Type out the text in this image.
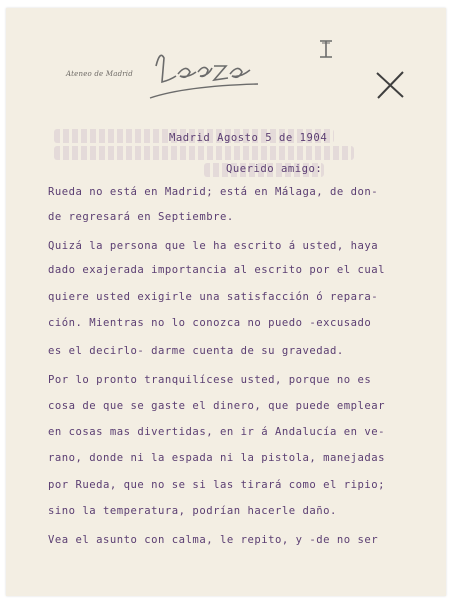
Ateneo de Madrid
Madrid Agosto 5 de 1904
Querido amigo:
Rueda no está en Madrid; está en Málaga, de don-
de regresará en Septiembre.
Quizá la persona que le ha escrito á usted, haya
dado exajerada importancia al escrito por el cual
quiere usted exigirle una satisfacción ó repara-
ción. Mientras no lo conozca no puedo -excusado
es el decirlo- darme cuenta de su gravedad.
Por lo pronto tranquilícese usted, porque no es
cosa de que se gaste el dinero, que puede emplear
en cosas mas divertidas, en ir á Andalucía en ve-
rano, donde ni la espada ni la pistola, manejadas
por Rueda, que no se si las tirará como el ripio;
sino la temperatura, podrían hacerle daño.
Vea el asunto con calma, le repito, y -de no ser
